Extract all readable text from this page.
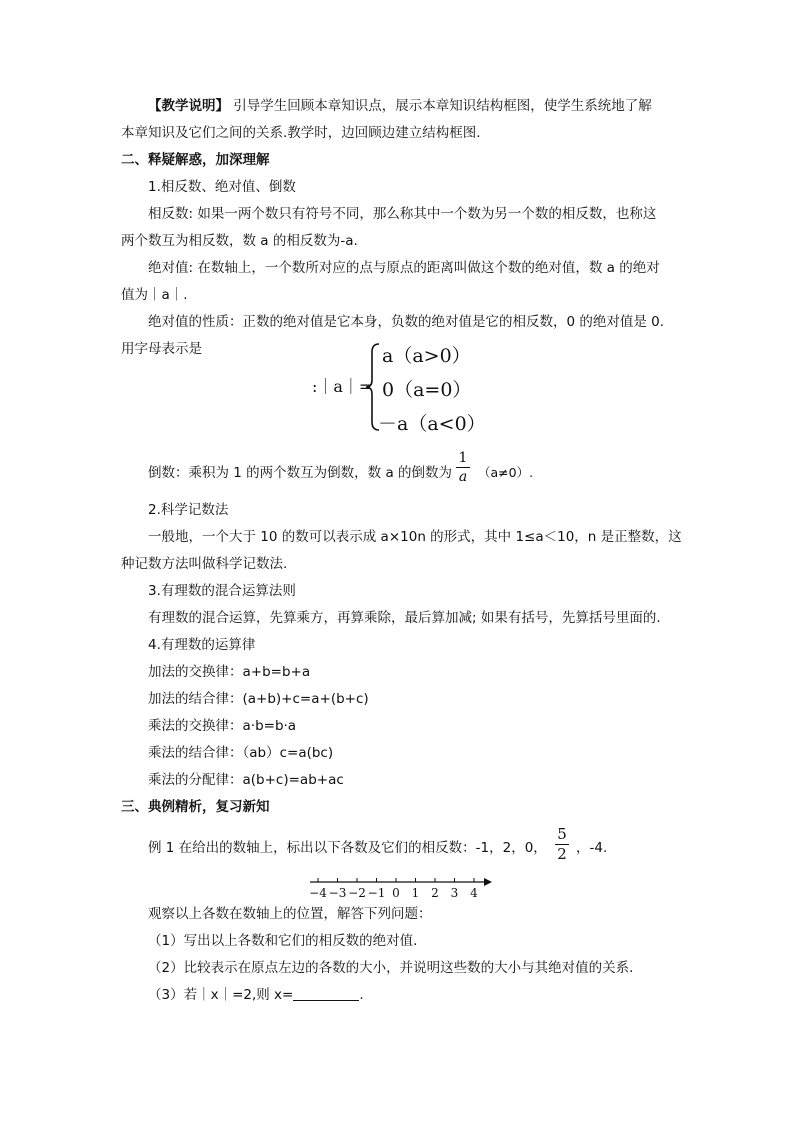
【教学说明】 引导学生回顾本章知识点，展示本章知识结构框图，使学生系统地了解
本章知识及它们之间的关系.教学时，边回顾边建立结构框图.
二、释疑解惑，加深理解
1.相反数、绝对值、倒数
相反数: 如果一两个数只有符号不同，那么称其中一个数为另一个数的相反数，也称这
两个数互为相反数，数 a 的相反数为-a.
绝对值: 在数轴上，一个数所对应的点与原点的距离叫做这个数的绝对值，数 a 的绝对
值为｜a｜.
绝对值的性质：正数的绝对值是它本身，负数的绝对值是它的相反数，0 的绝对值是 0.
用字母表示是
:｜a｜=
a（a>0）
0（a=0）
－a（a<0）
倒数：乘积为 1 的两个数互为倒数，数 a 的倒数为
1
a （a≠0）.
2.科学记数法
一般地，一个大于 10 的数可以表示成 a×10n 的形式，其中 1≤a＜10，n 是正整数，这
种记数方法叫做科学记数法.
3.有理数的混合运算法则
有理数的混合运算，先算乘方，再算乘除，最后算加减; 如果有括号，先算括号里面的.
4.有理数的运算律
加法的交换律：a+b=b+a
加法的结合律：(a+b)+c=a+(b+c)
乘法的交换律：a·b=b·a
乘法的结合律：（ab）c=a(bc)
乘法的分配律：a(b+c)=ab+ac
三、典例精析，复习新知
例 1 在给出的数轴上，标出以下各数及它们的相反数：-1，2，0，
5
2 ，-4.
−4 −3 −2 −1 0 1 2 3 4
观察以上各数在数轴上的位置，解答下列问题：
（1）写出以上各数和它们的相反数的绝对值.
（2）比较表示在原点左边的各数的大小，并说明这些数的大小与其绝对值的关系.
（3）若｜x｜=2,则 x=	.
